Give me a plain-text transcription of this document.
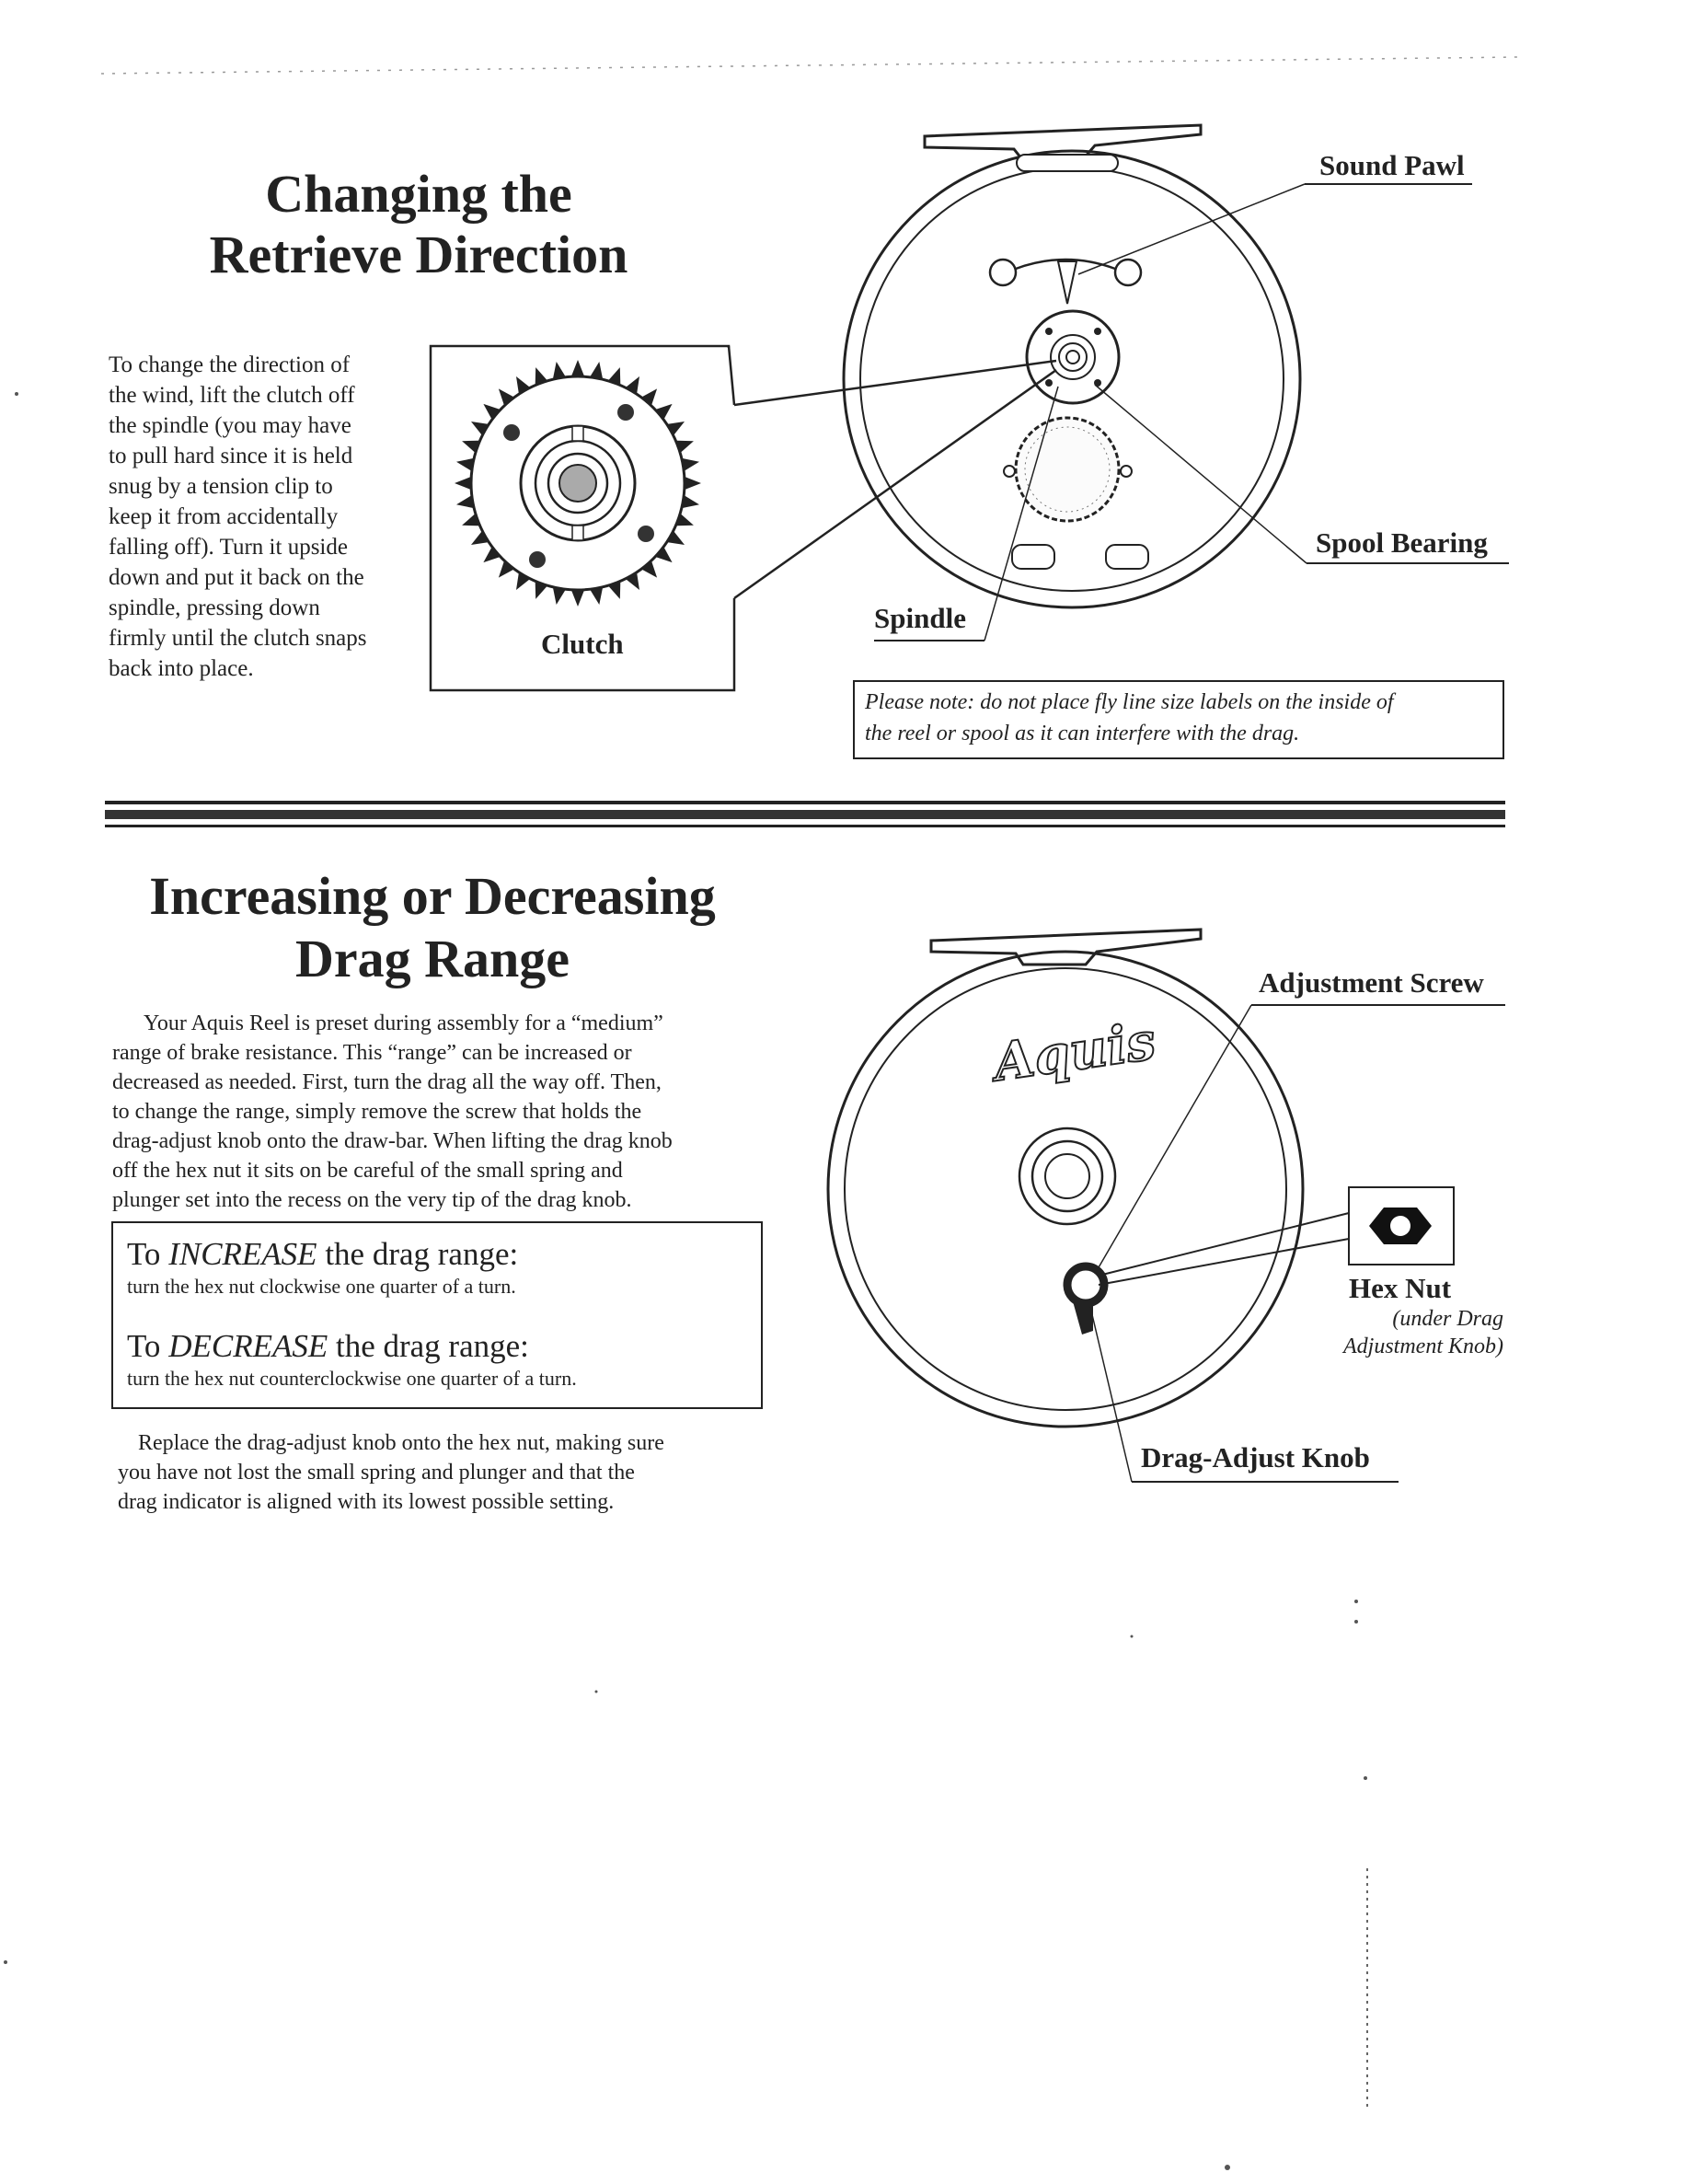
Changing the
Retrieve Direction
To change the direction of
the wind, lift the clutch off
the spindle (you may have
to pull hard since it is held
snug by a tension clip to
keep it from accidentally
falling off). Turn it upside
down and put it back on the
spindle, pressing down
firmly until the clutch snaps
back into place.
Clutch
Sound Pawl
Spool Bearing
Spindle
Please note: do not place fly line size labels on the inside of
the reel or spool as it can interfere with the drag.
Increasing or Decreasing
Drag Range
Your Aquis Reel is preset during assembly for a “medium”
range of brake resistance. This “range” can be increased or
decreased as needed. First, turn the drag all the way off. Then,
to change the range, simply remove the screw that holds the
drag-adjust knob onto the draw-bar. When lifting the drag knob
off the hex nut it sits on be careful of the small spring and
plunger set into the recess on the very tip of the drag knob.
To INCREASE the drag range:
turn the hex nut clockwise one quarter of a turn.
To DECREASE the drag range:
turn the hex nut counterclockwise one quarter of a turn.
Replace the drag-adjust knob onto the hex nut, making sure
you have not lost the small spring and plunger and that the
drag indicator is aligned with its lowest possible setting.
Aquis
Adjustment Screw
Hex Nut
(under Drag
Adjustment Knob)
Drag-Adjust Knob
